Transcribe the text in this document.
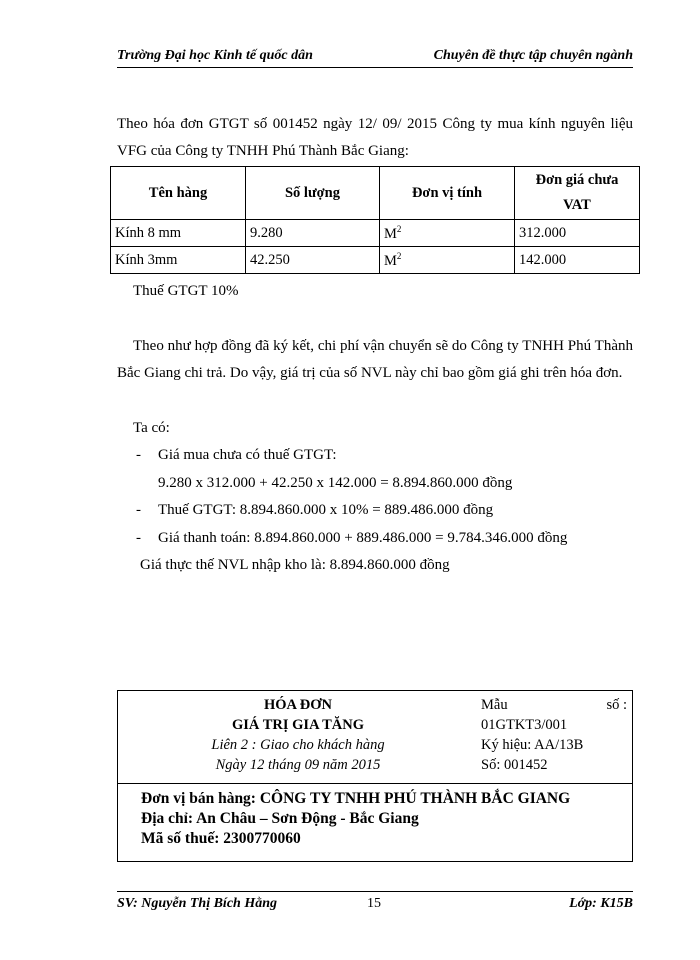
Trường Đại học Kinh tế quốc dân	Chuyên đề thực tập chuyên ngành

Theo hóa đơn GTGT số 001452 ngày 12/ 09/ 2015 Công ty mua kính nguyên liệu VFG của Công ty TNHH Phú Thành Bắc Giang:

Tên hàng	Số lượng	Đơn vị tính	Đơn giá chưa VAT
Kính 8 mm	9.280	$M^2$	312.000
Kính 3mm	42.250	$M^2$	142.000
Thuế GTGT 10%

Theo như hợp đồng đã ký kết, chi phí vận chuyển sẽ do Công ty TNHH Phú Thành Bắc Giang chi trả. Do vậy, giá trị của số NVL này chỉ bao gồm giá ghi trên hóa đơn.

Ta có:
- Giá mua chưa có thuế GTGT:
9.280 x 312.000 + 42.250 x 142.000 = 8.894.860.000 đồng
- Thuế GTGT: 8.894.860.000 x 10% = 889.486.000 đồng
- Giá thanh toán: 8.894.860.000 + 889.486.000 = 9.784.346.000 đồng
Giá thực thế NVL nhập kho là: 8.894.860.000 đồng
HÓA ĐƠN
GIÁ TRỊ GIA TĂNG
Liên 2 : Giao cho khách hàng
Ngày 12 tháng 09 năm 2015
Mẫu	số :
01GTKT3/001
Ký hiệu: AA/13B
Số: 001452
Đơn vị bán hàng: CÔNG TY TNHH PHÚ THÀNH BẮC GIANG
Địa chỉ: An Châu – Sơn Động - Bắc Giang
Mã số thuế: 2300770060
SV: Nguyễn Thị Bích Hằng	15	Lớp: K15B
